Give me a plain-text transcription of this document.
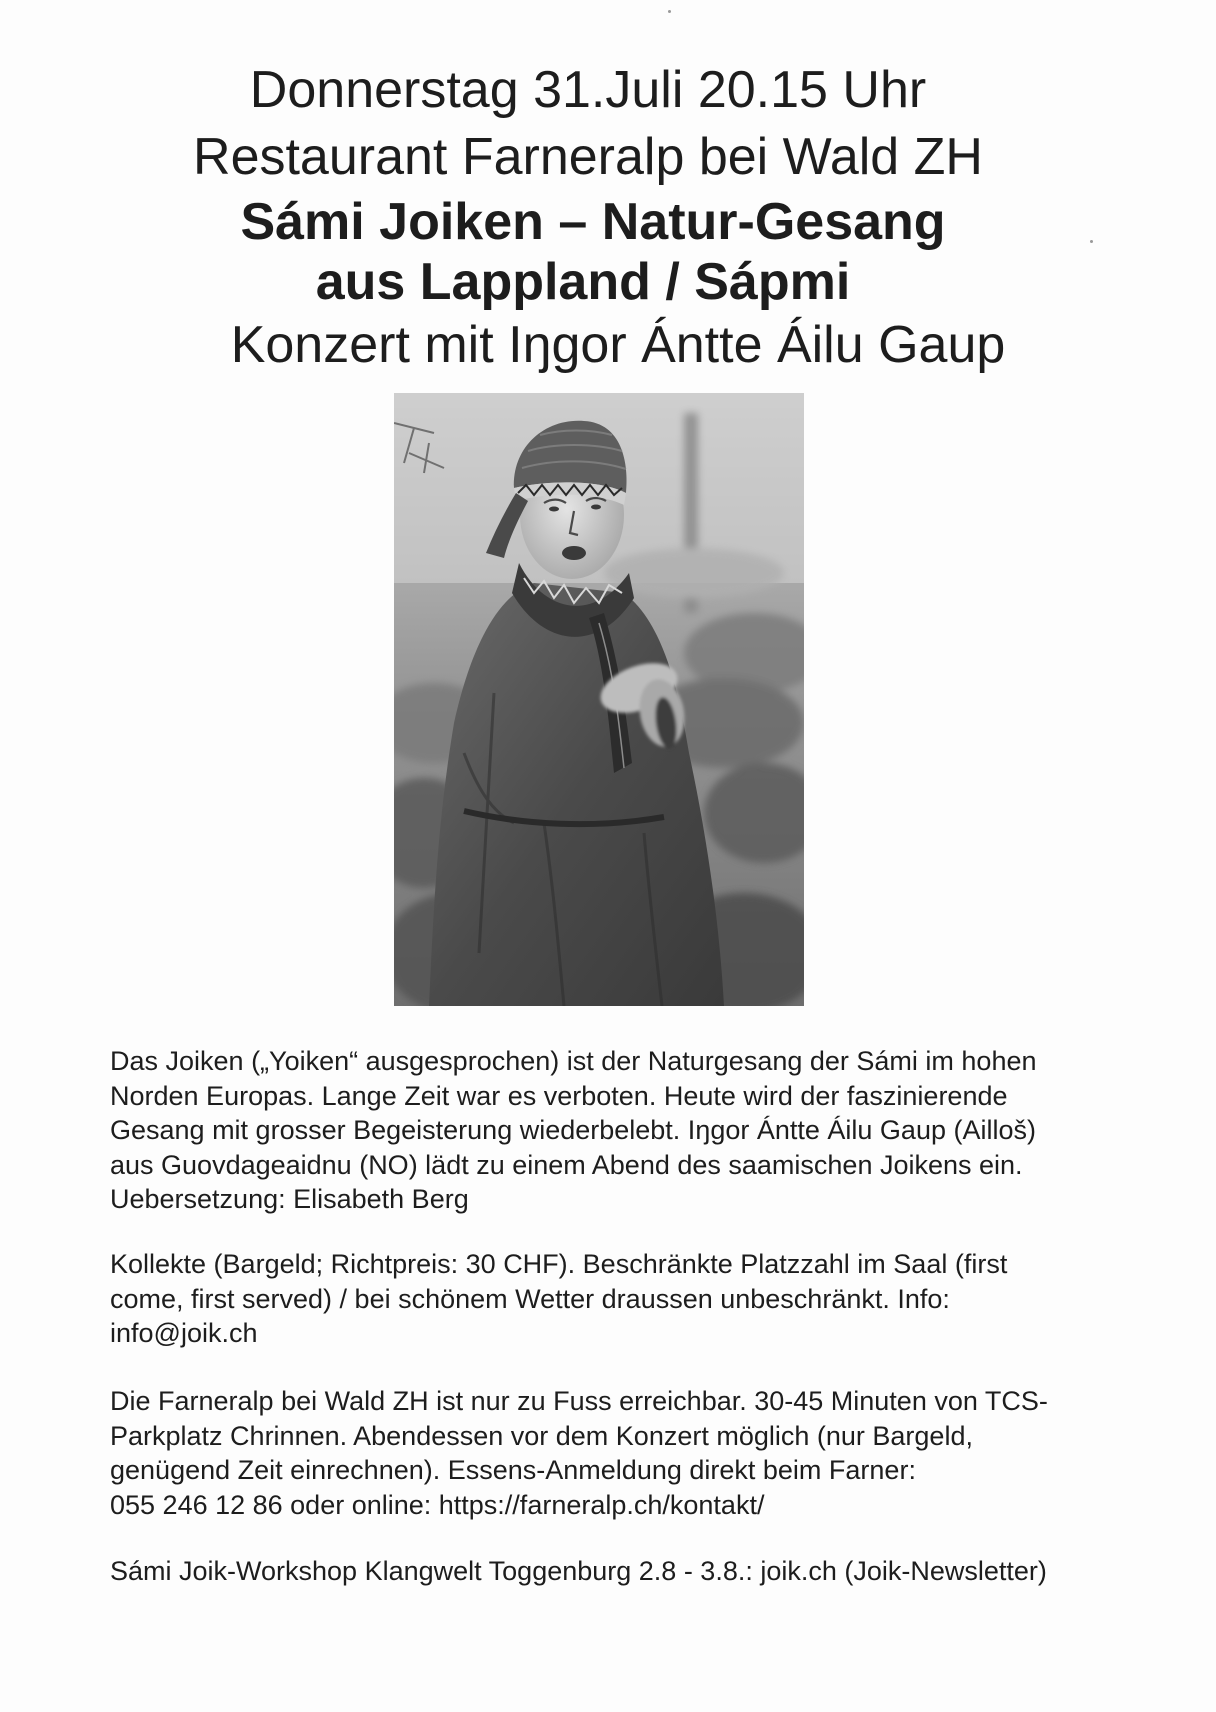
Donnerstag 31.Juli 20.15 Uhr
Restaurant Farneralp bei Wald ZH
Sámi Joiken – Natur-Gesang
aus Lappland / Sápmi
Konzert mit Iŋgor Ántte Áilu Gaup
Das Joiken („Yoiken“ ausgesprochen) ist der Naturgesang der Sámi im hohen
Norden Europas. Lange Zeit war es verboten. Heute wird der faszinierende
Gesang mit grosser Begeisterung wiederbelebt. Iŋgor Ántte Áilu Gaup (Ailloš)
aus Guovdageaidnu (NO) lädt zu einem Abend des saamischen Joikens ein.
Uebersetzung: Elisabeth Berg
Kollekte (Bargeld; Richtpreis: 30 CHF). Beschränkte Platzzahl im Saal (first
come, first served) / bei schönem Wetter draussen unbeschränkt. Info:
info@joik.ch
Die Farneralp bei Wald ZH ist nur zu Fuss erreichbar. 30-45 Minuten von TCS-
Parkplatz Chrinnen. Abendessen vor dem Konzert möglich (nur Bargeld,
genügend Zeit einrechnen). Essens-Anmeldung direkt beim Farner:
055 246 12 86 oder online: https://farneralp.ch/kontakt/
Sámi Joik-Workshop Klangwelt Toggenburg 2.8 - 3.8.: joik.ch (Joik-Newsletter)
